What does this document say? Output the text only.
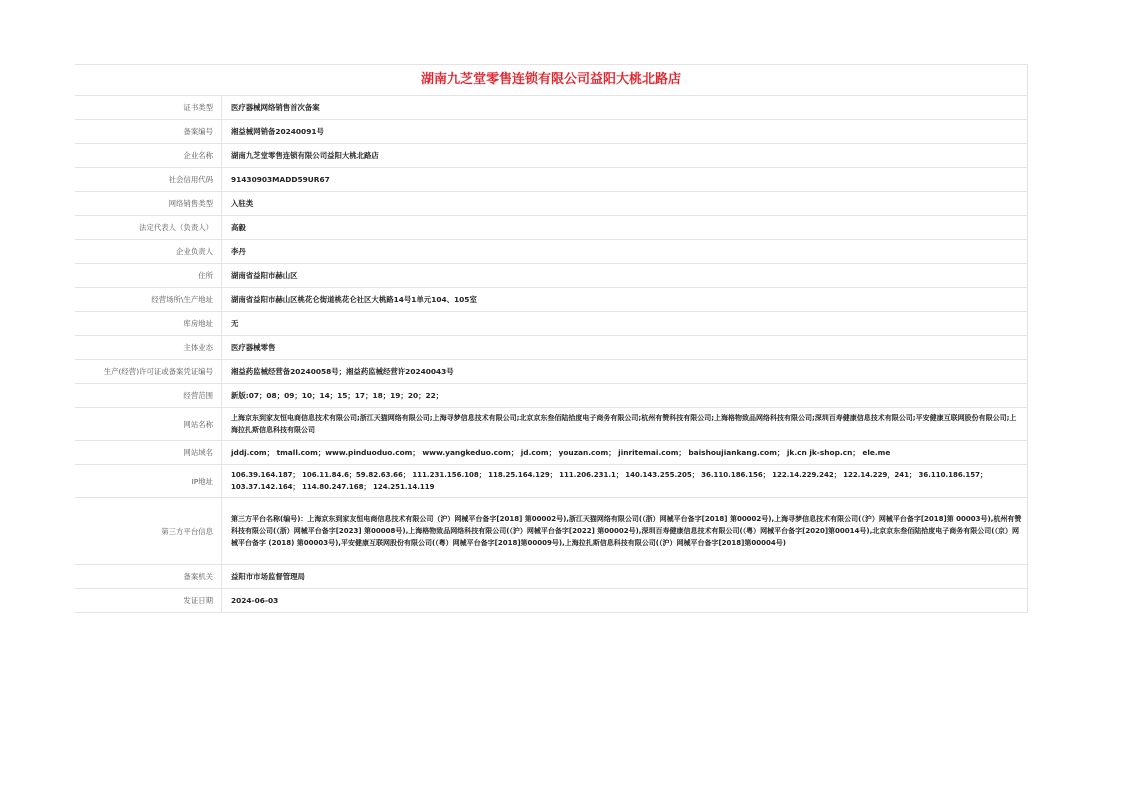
湖南九芝堂零售连锁有限公司益阳大桃北路店
证书类型	医疗器械网络销售首次备案
备案编号	湘益械网销备20240091号
企业名称	湖南九芝堂零售连锁有限公司益阳大桃北路店
社会信用代码	91430903MADD59UR67
网络销售类型	入驻类
法定代表人（负责人）	高毅
企业负责人	李丹
住所	湖南省益阳市赫山区
经营场所\生产地址	湖南省益阳市赫山区桃花仑街道桃花仑社区大桃路14号1单元104、105室
库房地址	无
主体业态	医疗器械零售
生产(经营)许可证或备案凭证编号	湘益药监械经营备20240058号；湘益药监械经营许20240043号
经营范围	新版:07；08；09；10；14；15；17；18；19；20；22；
网站名称	上海京东到家友恒电商信息技术有限公司;浙江天猫网络有限公司;上海寻梦信息技术有限公司;北京京东叁佰陆拾度电子商务有限公司;杭州有赞科技有限公司;上海格物致品网络科技有限公司;深圳百寿健康信息技术有限公司;平安健康互联网股份有限公司;上海拉扎斯信息科技有限公司
网站域名	jddj.com； tmall.com；www.pinduoduo.com； www.yangkeduo.com； jd.com； youzan.com； jinritemai.com； baishoujiankang.com； jk.cn jk-shop.cn； ele.me
IP地址	106.39.164.187； 106.11.84.6；59.82.63.66； 111.231.156.108； 118.25.164.129； 111.206.231.1； 140.143.255.205； 36.110.186.156； 122.14.229.242； 122.14.229，241； 36.110.186.157； 103.37.142.164； 114.80.247.168； 124.251.14.119
第三方平台信息	第三方平台名称(编号)：上海京东到家友恒电商信息技术有限公司（沪）网械平台备字[2018] 第00002号),浙江天猫网络有限公司(（浙）网械平台备字[2018] 第00002号),上海寻梦信息技术有限公司(（沪）网械平台备字[2018]第 00003号),杭州有赞科技有限公司(（浙）网械平台备字[2023] 第00008号),上海格物致品网络科技有限公司(（沪）网械平台备字[2022] 第00002号),深圳百寿健康信息技术有限公司(（粤）网械平台备字[2020]第00014号),北京京东叁佰陆拾度电子商务有限公司(（京）网械平台备字 (2018) 第00003号),平安健康互联网股份有限公司(（粤）网械平台备字[2018]第00009号),上海拉扎斯信息科技有限公司(（沪）网械平台备字[2018]第00004号)
备案机关	益阳市市场监督管理局
发证日期	2024-06-03
